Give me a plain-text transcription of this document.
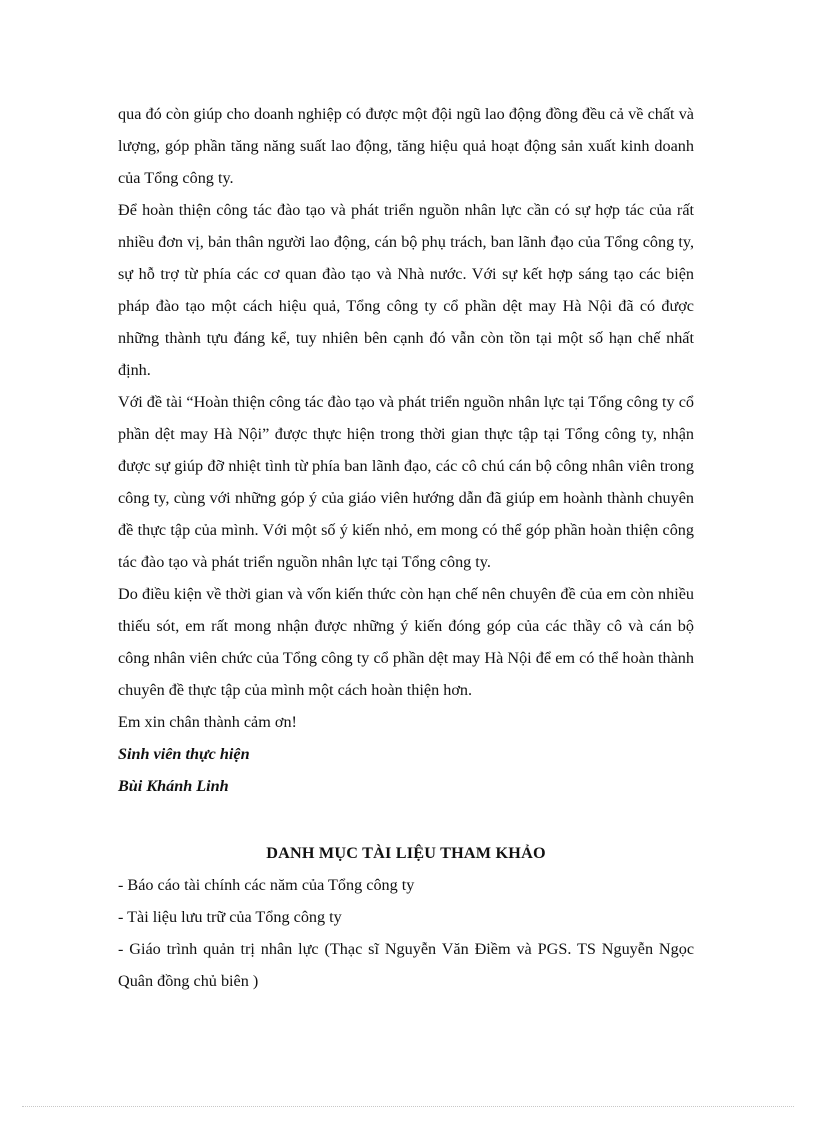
qua đó còn giúp cho doanh nghiệp có được một đội ngũ lao động đồng đều cả về chất và lượng, góp phần tăng năng suất lao động, tăng hiệu quả hoạt động sản xuất kinh doanh của Tổng công ty.

Để hoàn thiện công tác đào tạo và phát triển nguồn nhân lực cần có sự hợp tác của rất nhiều đơn vị, bản thân người lao động, cán bộ phụ trách, ban lãnh đạo của Tổng công ty, sự hỗ trợ từ phía các cơ quan đào tạo và Nhà nước. Với sự kết hợp sáng tạo các biện pháp đào tạo một cách hiệu quả, Tổng công ty cổ phần dệt may Hà Nội đã có được những thành tựu đáng kể, tuy nhiên bên cạnh đó vẫn còn tồn tại một số hạn chế nhất định.

Với đề tài “Hoàn thiện công tác đào tạo và phát triển nguồn nhân lực tại Tổng công ty cổ phần dệt may Hà Nội” được thực hiện trong thời gian thực tập tại Tổng công ty, nhận được sự giúp đỡ nhiệt tình từ phía ban lãnh đạo, các cô chú cán bộ công nhân viên trong công ty, cùng với những góp ý của giáo viên hướng dẫn đã giúp em hoành thành chuyên đề thực tập của mình. Với một số ý kiến nhỏ, em mong có thể góp phần hoàn thiện công tác đào tạo và phát triển nguồn nhân lực tại Tổng công ty.

Do điều kiện về thời gian và vốn kiến thức còn hạn chế nên chuyên đề của em còn nhiều thiếu sót, em rất mong nhận được những ý kiến đóng góp của các thầy cô và cán bộ công nhân viên chức của Tổng công ty cổ phần dệt may Hà Nội để em có thể hoàn thành chuyên đề thực tập của mình một cách hoàn thiện hơn.

Em xin chân thành cảm ơn!

Sinh viên thực hiện

Bùi Khánh Linh

DANH MỤC TÀI LIỆU THAM KHẢO
- Báo cáo tài chính các năm của Tổng công ty
- Tài liệu lưu trữ của Tổng công ty
- Giáo trình quản trị nhân lực (Thạc sĩ Nguyễn Văn Điềm và PGS. TS Nguyễn Ngọc Quân đồng chủ biên )
